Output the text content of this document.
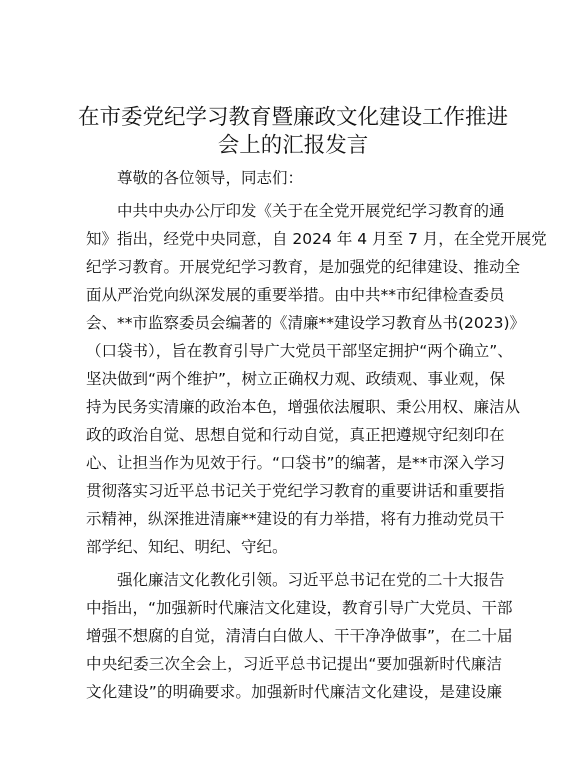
在市委党纪学习教育暨廉政文化建设工作推进
会上的汇报发言
尊敬的各位领导，同志们：
中共中央办公厅印发《关于在全党开展党纪学习教育的通
知》指出，经党中央同意，自 2024 年 4 月至 7 月，在全党开展党
纪学习教育。开展党纪学习教育，是加强党的纪律建设、推动全
面从严治党向纵深发展的重要举措。由中共**市纪律检查委员
会、**市监察委员会编著的《清廉**建设学习教育丛书(2023)》
（口袋书），旨在教育引导广大党员干部坚定拥护“两个确立”、
坚决做到“两个维护”，树立正确权力观、政绩观、事业观，保
持为民务实清廉的政治本色，增强依法履职、秉公用权、廉洁从
政的政治自觉、思想自觉和行动自觉，真正把遵规守纪刻印在
心、让担当作为见效于行。“口袋书”的编著，是**市深入学习
贯彻落实习近平总书记关于党纪学习教育的重要讲话和重要指
示精神，纵深推进清廉**建设的有力举措，将有力推动党员干
部学纪、知纪、明纪、守纪。
强化廉洁文化教化引领。习近平总书记在党的二十大报告
中指出，“加强新时代廉洁文化建设，教育引导广大党员、干部
增强不想腐的自觉，清清白白做人、干干净净做事”，在二十届
中央纪委三次全会上，习近平总书记提出“要加强新时代廉洁
文化建设”的明确要求。加强新时代廉洁文化建设，是建设廉
